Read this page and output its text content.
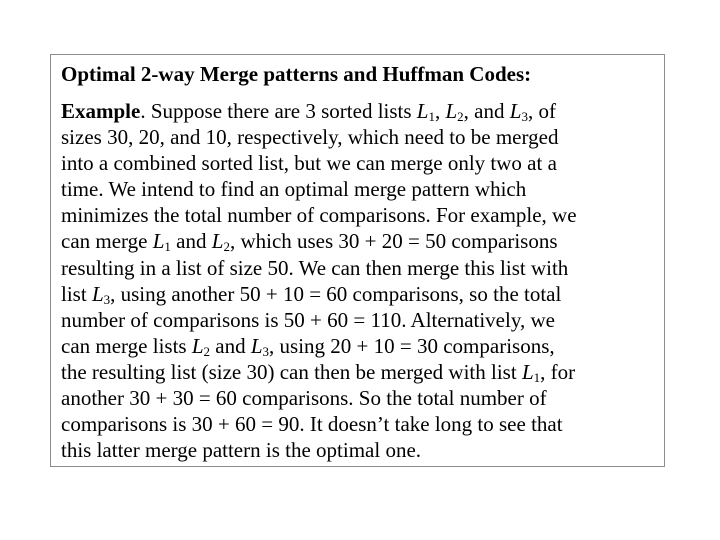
Optimal 2-way Merge patterns and Huffman Codes:
Example. Suppose there are 3 sorted lists $L_1$, $L_2$, and $L_3$, of
sizes 30, 20, and 10, respectively, which need to be merged
into a combined sorted list, but we can merge only two at a
time. We intend to find an optimal merge pattern which
minimizes the total number of comparisons. For example, we
can merge $L_1$ and $L_2$, which uses 30 + 20 = 50 comparisons
resulting in a list of size 50. We can then merge this list with
list $L_3$, using another 50 + 10 = 60 comparisons, so the total
number of comparisons is 50 + 60 = 110. Alternatively, we
can merge lists $L_2$ and $L_3$, using 20 + 10 = 30 comparisons,
the resulting list (size 30) can then be merged with list $L_1$, for
another 30 + 30 = 60 comparisons. So the total number of
comparisons is 30 + 60 = 90. It doesn’t take long to see that
this latter merge pattern is the optimal one.
